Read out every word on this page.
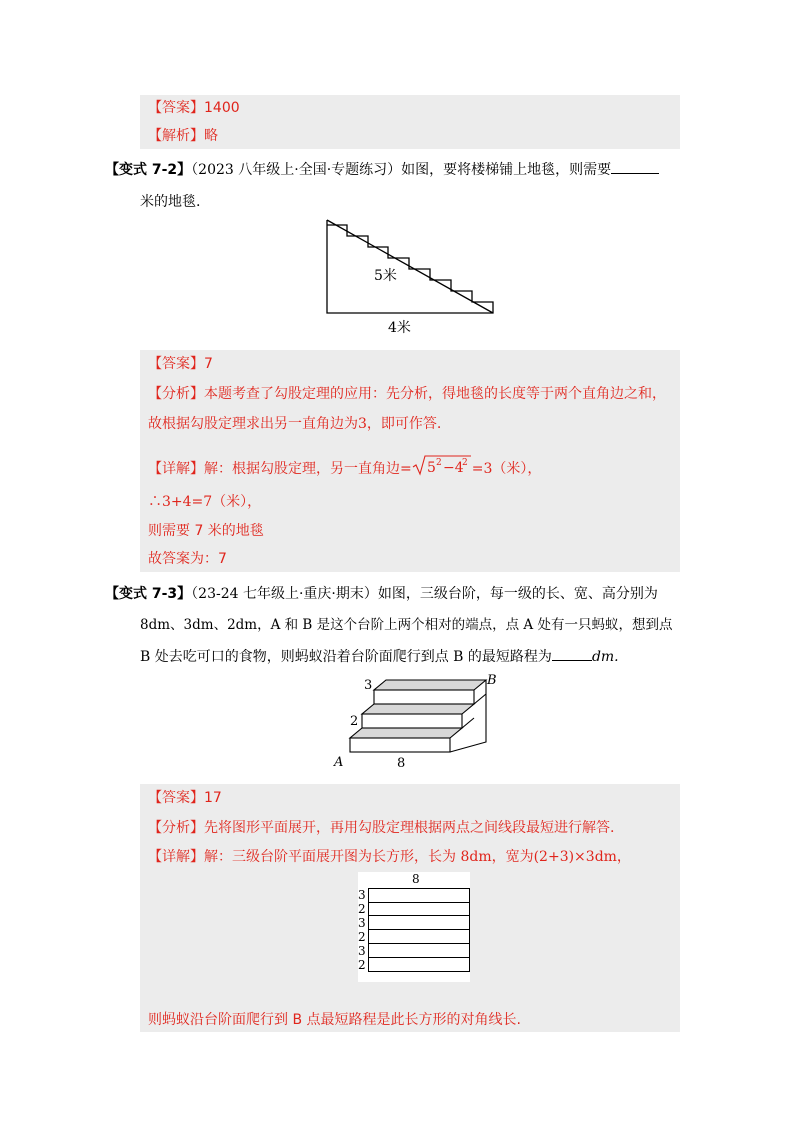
【答案】1400
【解析】略
【变式 7-2】（2023 八年级上·全国·专题练习）如图，要将楼梯铺上地毯，则需要
米的地毯.
5米
4米
【答案】7
【分析】本题考查了勾股定理的应用：先分析，得地毯的长度等于两个直角边之和，
故根据勾股定理求出另一直角边为3，即可作答.
【详解】解：根据勾股定理，另一直角边= 5 2 −4
2 =3（米），
∴3+4=7（米），
则需要 7 米的地毯
故答案为：7
【变式 7-3】（23-24 七年级上·重庆·期末）如图，三级台阶，每一级的长、宽、高分别为
8dm、3dm、2dm，A 和 B 是这个台阶上两个相对的端点，点 A 处有一只蚂蚁，想到点
B 处去吃可口的食物，则蚂蚁沿着台阶面爬行到点 B 的最短路程为	dm.
3
2
8
A
B
【答案】17
【分析】先将图形平面展开，再用勾股定理根据两点之间线段最短进行解答.
【详解】解：三级台阶平面展开图为长方形，长为 8dm，宽为(2+3)×3dm，
8
3
2
3
2
3
2
则蚂蚁沿台阶面爬行到 B 点最短路程是此长方形的对角线长.
